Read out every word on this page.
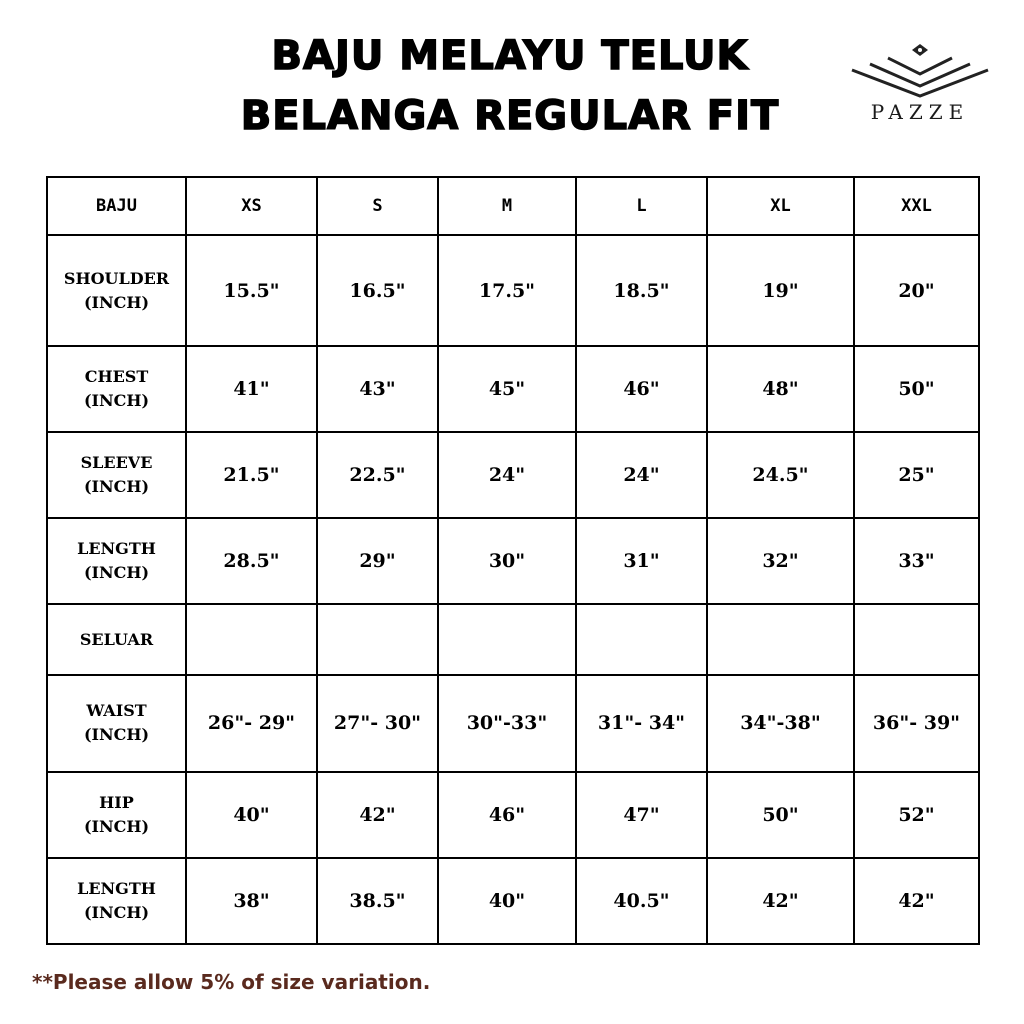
BAJU MELAYU TELUK
BELANGA REGULAR FIT	PAZZE
BAJU	XS	S	M	L	XL	XXL

SHOULDER
(INCH)	15.5"	16.5"	17.5"	18.5"	19"	20"

CHEST
(INCH)	41"	43"	45"	46"	48"	50"

SLEEVE
(INCH)	21.5"	22.5"	24"	24"	24.5"	25"

LENGTH
(INCH)	28.5"	29"	30"	31"	32"	33"

SELUAR						

WAIST
(INCH)	26"- 29"	27"- 30"	30"-33"	31"- 34"	34"-38"	36"- 39"

HIP
(INCH)	40"	42"	46"	47"	50"	52"

LENGTH
(INCH)	38"	38.5"	40"	40.5"	42"	42"
**Please allow 5% of size variation.
